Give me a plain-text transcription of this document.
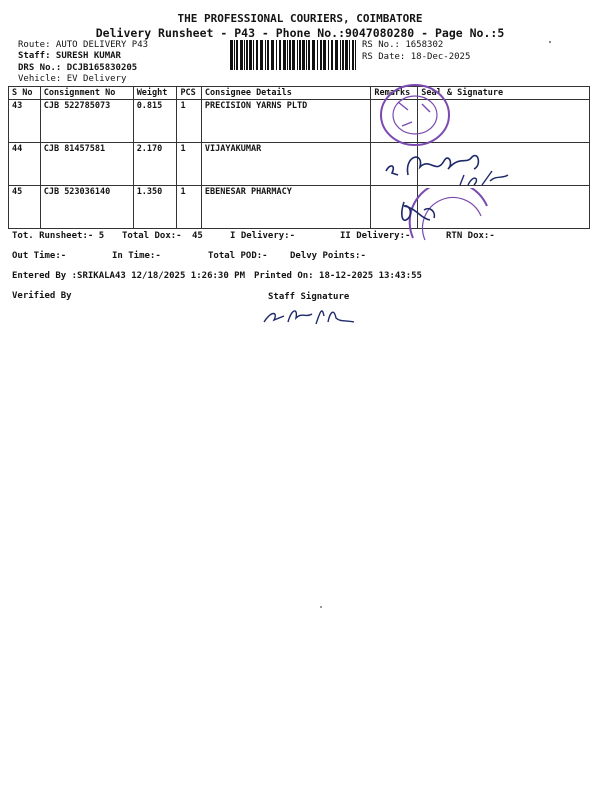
THE PROFESSIONAL COURIERS, COIMBATORE
Delivery Runsheet - P43 - Phone No.:9047080280 - Page No.:5
Route: AUTO DELIVERY P43
Staff: SURESH KUMAR
DRS No.: DCJB165830205
Vehicle: EV Delivery
RS No.: 1658302
RS Date: 18-Dec-2025
S No	Consignment No	Weight	PCS	Consignee Details	Remarks	Seal & Signature
43	CJB 522785073	0.815	1	PRECISION YARNS PLTD		
44	CJB 81457581	2.170	1	VIJAYAKUMAR		
45	CJB 523036140	1.350	1	EBENESAR PHARMACY		
Tot. Runsheet:- 5 Total Dox:- 45	I Delivery:-	II Delivery:-	RTN Dox:-
Out Time:-	In Time:-	Total POD:- Delvy Points:-
Entered By :SRIKALA43 12/18/2025 1:26:30 PM Printed On: 18-12-2025 13:43:55
Verified By	Staff Signature
